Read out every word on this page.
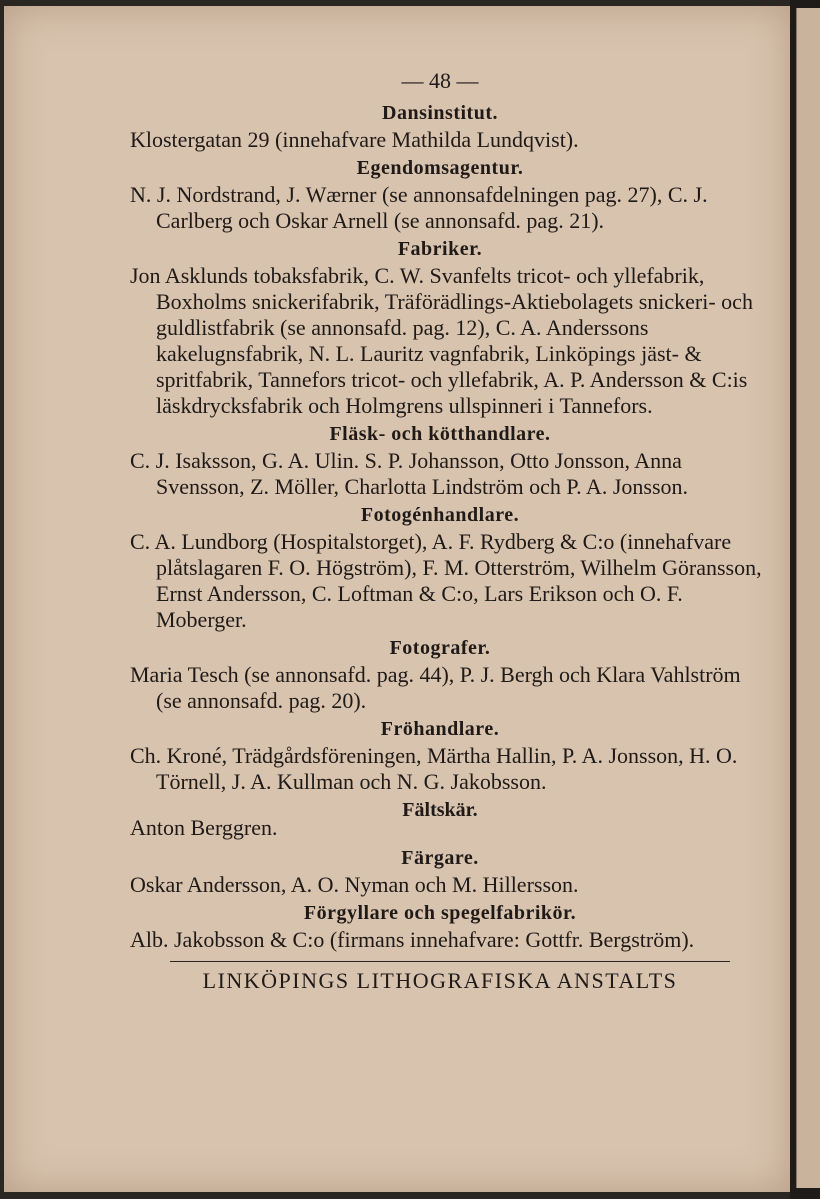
— 48 —
Dansinstitut.
Klostergatan 29 (innehafvare Mathilda Lundqvist).
Egendomsagentur.
N. J. Nordstrand, J. Wærner (se annonsafdelningen pag. 27), C. J. Carlberg och Oskar Arnell (se annonsafd. pag. 21).
Fabriker.
Jon Asklunds tobaksfabrik, C. W. Svanfelts tricot- och yllefabrik, Boxholms snickerifabrik, Träförädlings-Aktiebolagets snickeri- och guldlistfabrik (se annonsafd. pag. 12), C. A. Anderssons kakelugnsfabrik, N. L. Lauritz vagnfabrik, Linköpings jäst- & spritfabrik, Tannefors tricot- och yllefabrik, A. P. Andersson & C:is läskdrycksfabrik och Holmgrens ullspinneri i Tannefors.
Fläsk- och kötthandlare.
C. J. Isaksson, G. A. Ulin. S. P. Johansson, Otto Jonsson, Anna Svensson, Z. Möller, Charlotta Lindström och P. A. Jonsson.
Fotogénhandlare.
C. A. Lundborg (Hospitalstorget), A. F. Rydberg & C:o (innehafvare plåtslagaren F. O. Högström), F. M. Otterström, Wilhelm Göransson, Ernst Andersson, C. Loftman & C:o, Lars Erikson och O. F. Moberger.
Fotografer.
Maria Tesch (se annonsafd. pag. 44), P. J. Bergh och Klara Vahlström (se annonsafd. pag. 20).
Fröhandlare.
Ch. Kroné, Trädgårdsföreningen, Märtha Hallin, P. A. Jonsson, H. O. Törnell, J. A. Kullman och N. G. Jakobsson.
Fältskär.
Anton Berggren.
Färgare.
Oskar Andersson, A. O. Nyman och M. Hillersson.
Förgyllare och spegelfabrikör.
Alb. Jakobsson & C:o (firmans innehafvare: Gottfr. Bergström).
LINKÖPINGS LITHOGRAFISKA ANSTALTS
